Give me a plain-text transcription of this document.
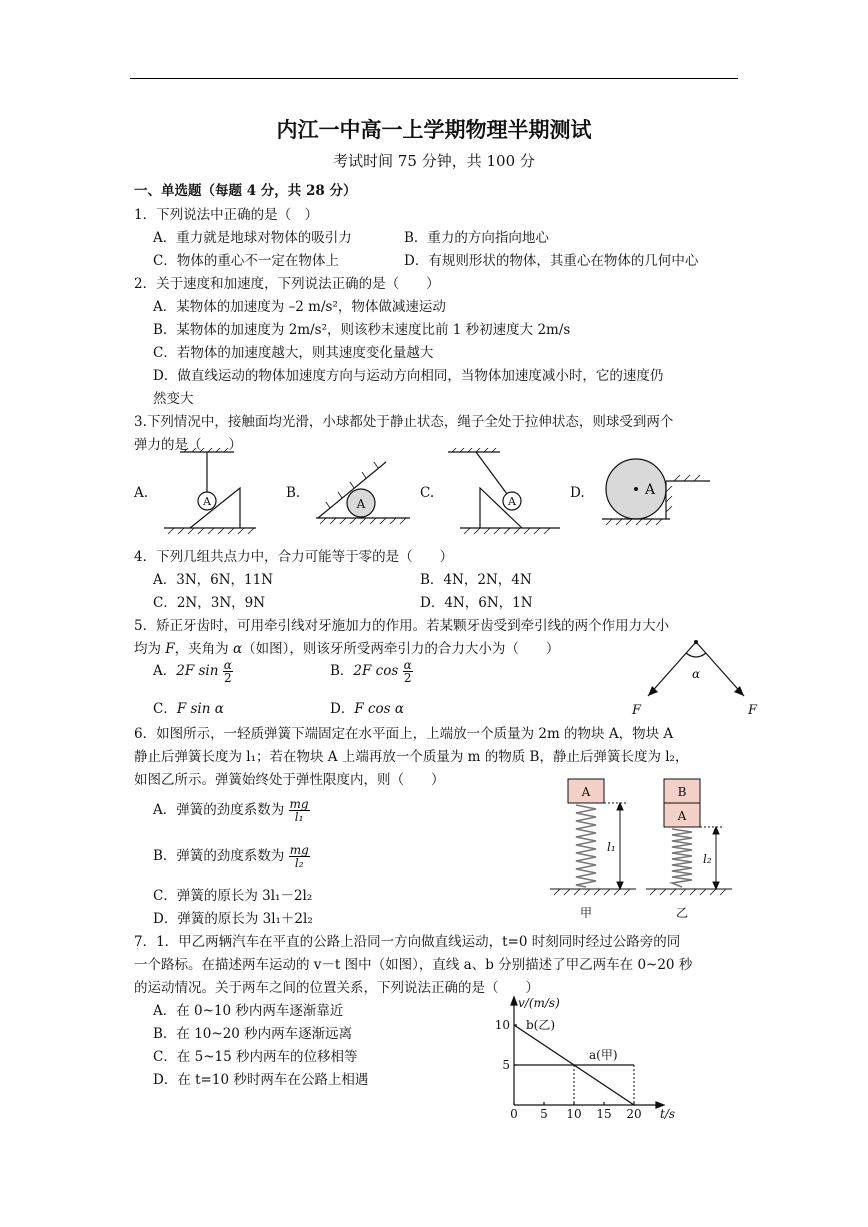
内江一中高一上学期物理半期测试
考试时间 75 分钟，共 100 分
一、单选题（每题 4 分，共 28 分）
1．下列说法中正确的是（　）
A．重力就是地球对物体的吸引力	B．重力的方向指向地心
C．物体的重心不一定在物体上	D．有规则形状的物体，其重心在物体的几何中心
2．关于速度和加速度，下列说法正确的是（　　）
A．某物体的加速度为 –2 m/s²，物体做减速运动
B．某物体的加速度为 2m/s²，则该秒末速度比前 1 秒初速度大 2m/s
C．若物体的加速度越大，则其速度变化量越大
D．做直线运动的物体加速度方向与运动方向相同，当物体加速度减小时，它的速度仍
然变大
3.下列情况中，接触面均光滑，小球都处于静止状态，绳子全处于拉伸状态，则球受到两个
弹力的是（　　）
A.	B.	C.	D.
A	A	A
A
4．下列几组共点力中，合力可能等于零的是（　　）
A．3N，6N，11N	B．4N，2N，4N
C．2N，3N，9N	D．4N，6N，1N
5．矫正牙齿时，可用牵引线对牙施加力的作用。若某颗牙齿受到牵引线的两个作用力大小
均为 F，夹角为 α（如图），则该牙所受两牵引力的合力大小为（　　）
A．2F $\sin \frac{\alpha}{2}$	B．2F $\cos \frac{\alpha}{2}$
C．F sin α	D．F cos α
α
F	F
6．如图所示，一轻质弹簧下端固定在水平面上，上端放一个质量为 2m 的物块 A，物块 A
静止后弹簧长度为 l₁；若在物块 A 上端再放一个质量为 m 的物质 B，静止后弹簧长度为 l₂，
如图乙所示。弹簧始终处于弹性限度内，则（　　）
A．弹簧的劲度系数为 $\frac{mg}{\text{l₁}}$
B．弹簧的劲度系数为 $\frac{mg}{\text{l₂}}$
C．弹簧的原长为 3l₁－2l₂
D．弹簧的原长为 3l₁＋2l₂
A
l₁
甲
B
A
l₂
乙
7．1．甲乙两辆汽车在平直的公路上沿同一方向做直线运动，t=0 时刻同时经过公路旁的同
一个路标。在描述两车运动的 v－t 图中（如图），直线 a、b 分别描述了甲乙两车在 0~20 秒
的运动情况。关于两车之间的位置关系，下列说法正确的是（　　）
A．在 0~10 秒内两车逐渐靠近
B．在 10~20 秒内两车逐渐远离
C．在 5~15 秒内两车的位移相等
D．在 t=10 秒时两车在公路上相遇
0 5 10 15 20
5
10
v/(m/s)
t/s
b(乙)
a(甲)
